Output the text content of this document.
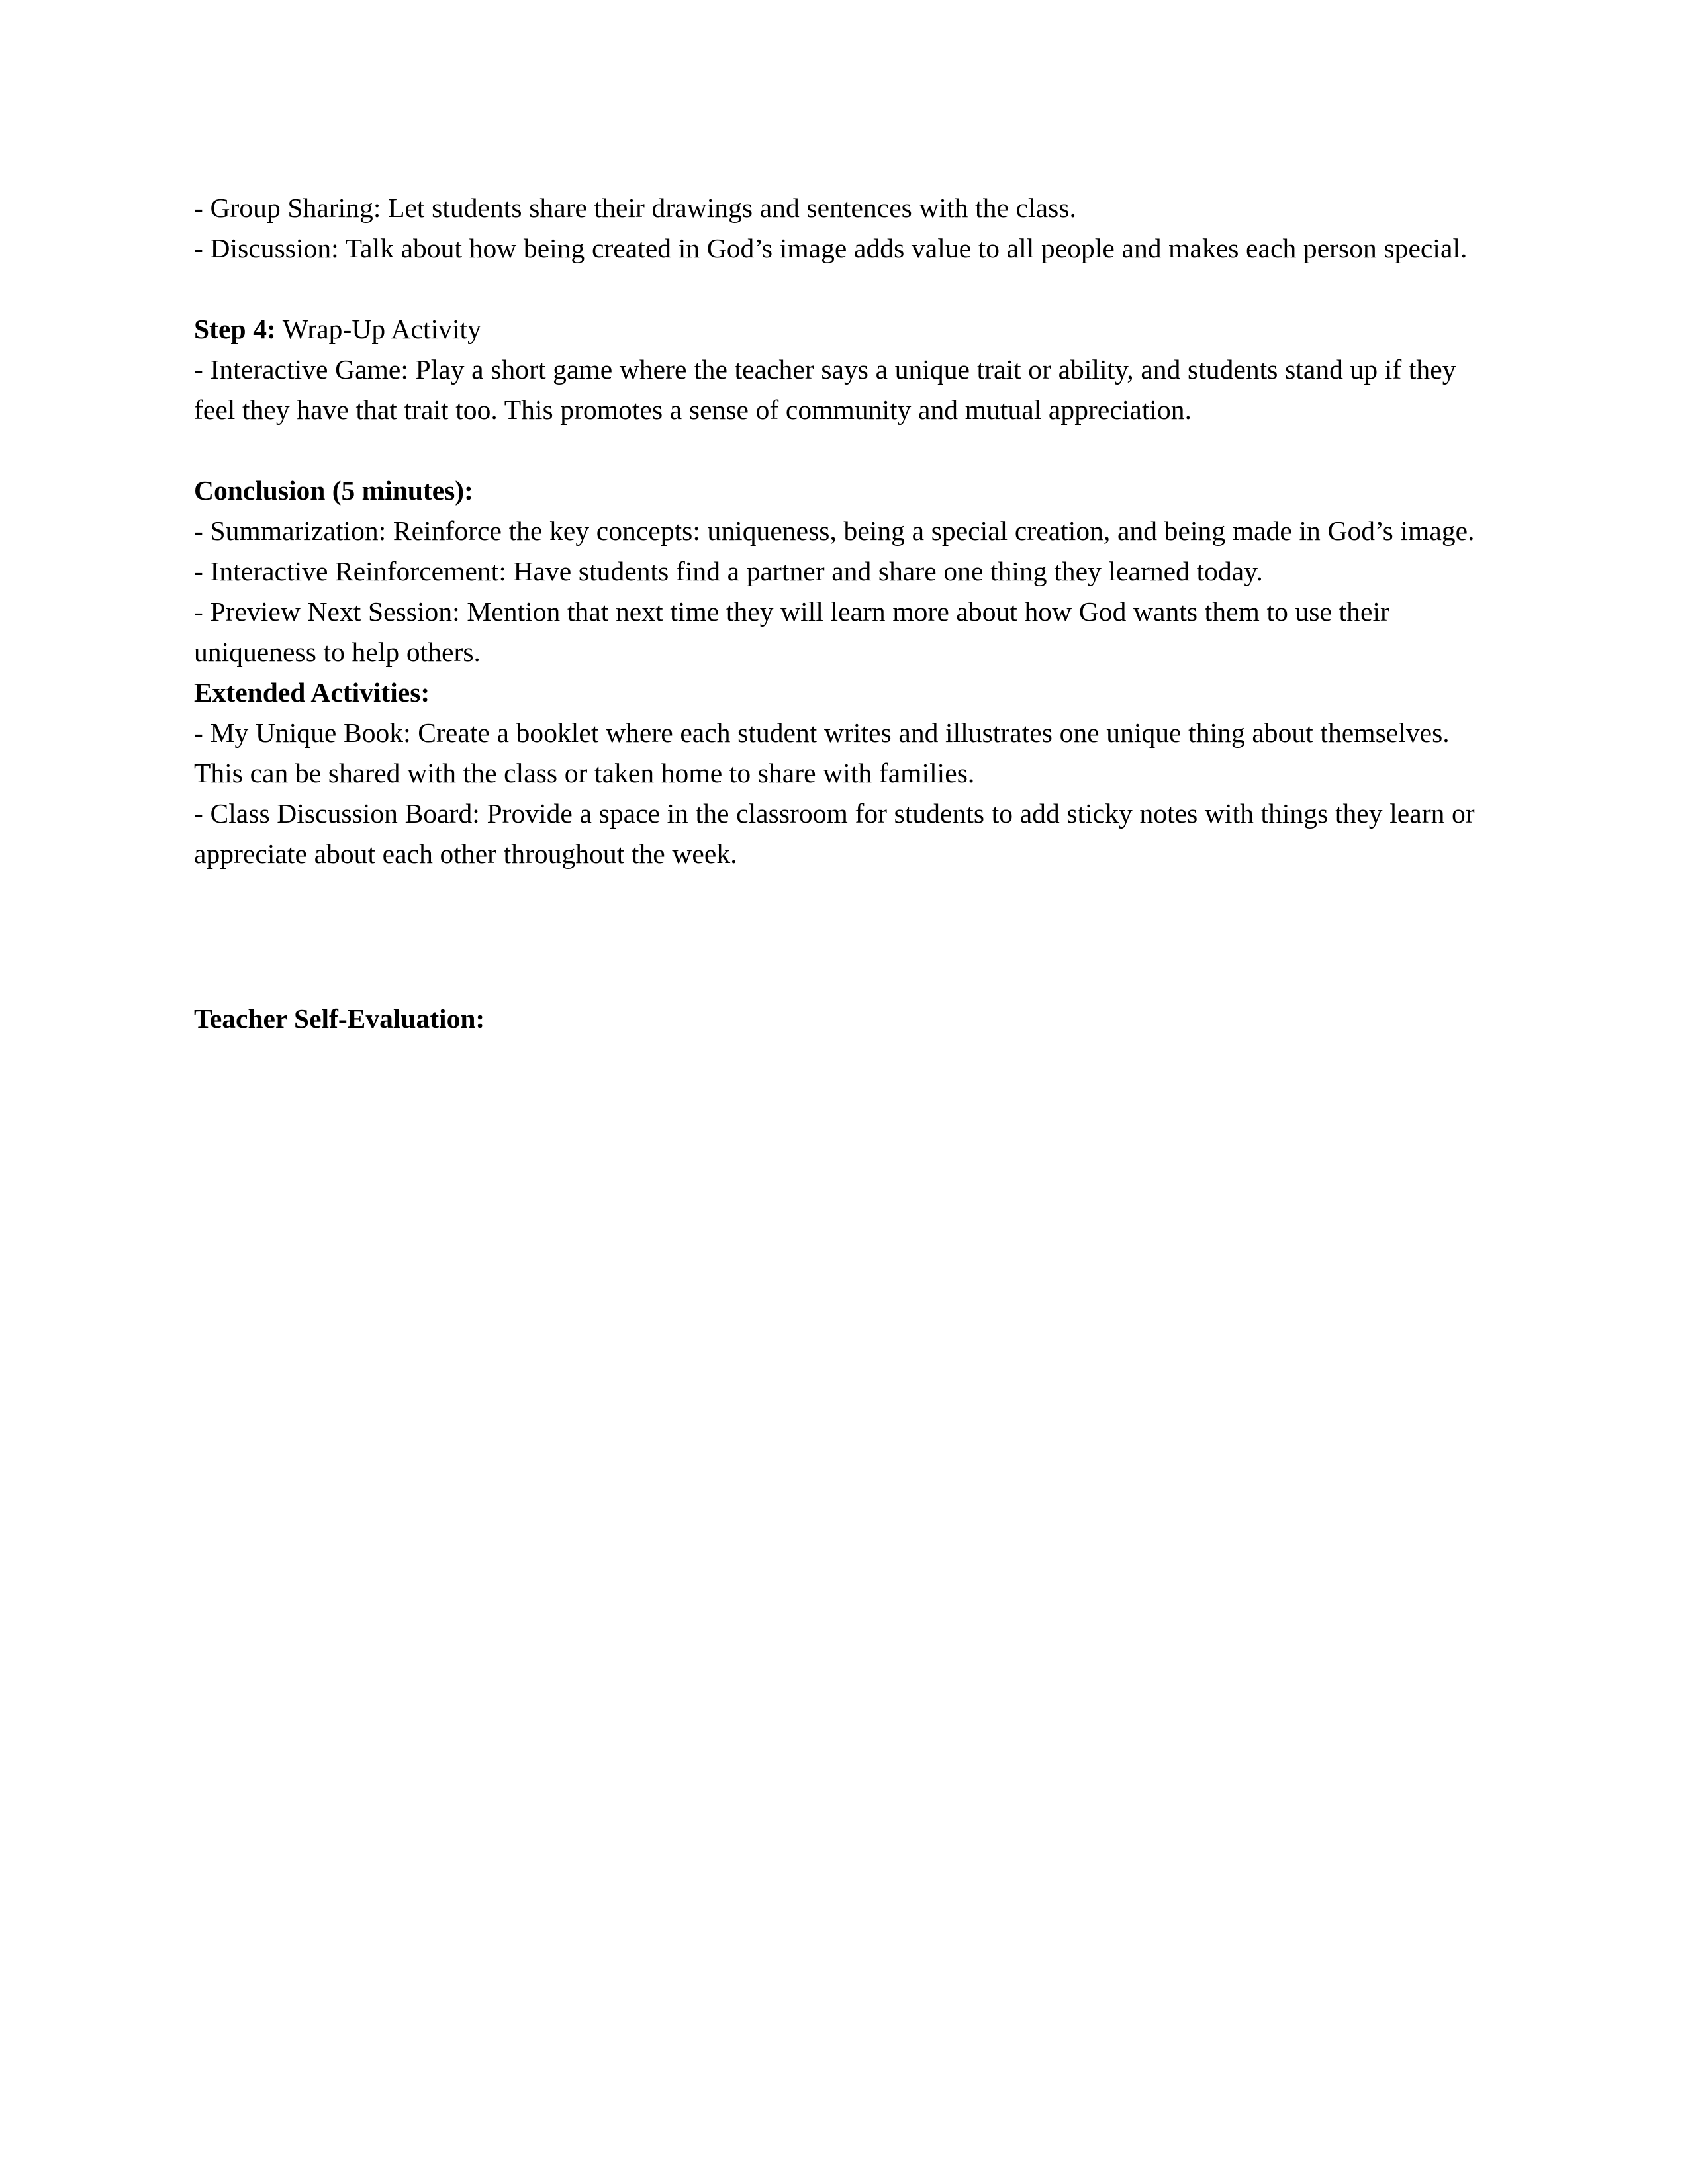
- Group Sharing: Let students share their drawings and sentences with the class.

- Discussion: Talk about how being created in God’s image adds value to all people and makes each person special.

Step 4: Wrap-Up Activity

- Interactive Game: Play a short game where the teacher says a unique trait or ability, and students stand up if they feel they have that trait too. This promotes a sense of community and mutual appreciation.

Conclusion (5 minutes):

- Summarization: Reinforce the key concepts: uniqueness, being a special creation, and being made in God’s image.

- Interactive Reinforcement: Have students find a partner and share one thing they learned today.

- Preview Next Session: Mention that next time they will learn more about how God wants them to use their uniqueness to help others.

Extended Activities:

- My Unique Book: Create a booklet where each student writes and illustrates one unique thing about themselves. This can be shared with the class or taken home to share with families.

- Class Discussion Board: Provide a space in the classroom for students to add sticky notes with things they learn or appreciate about each other throughout the week.

Teacher Self-Evaluation:
